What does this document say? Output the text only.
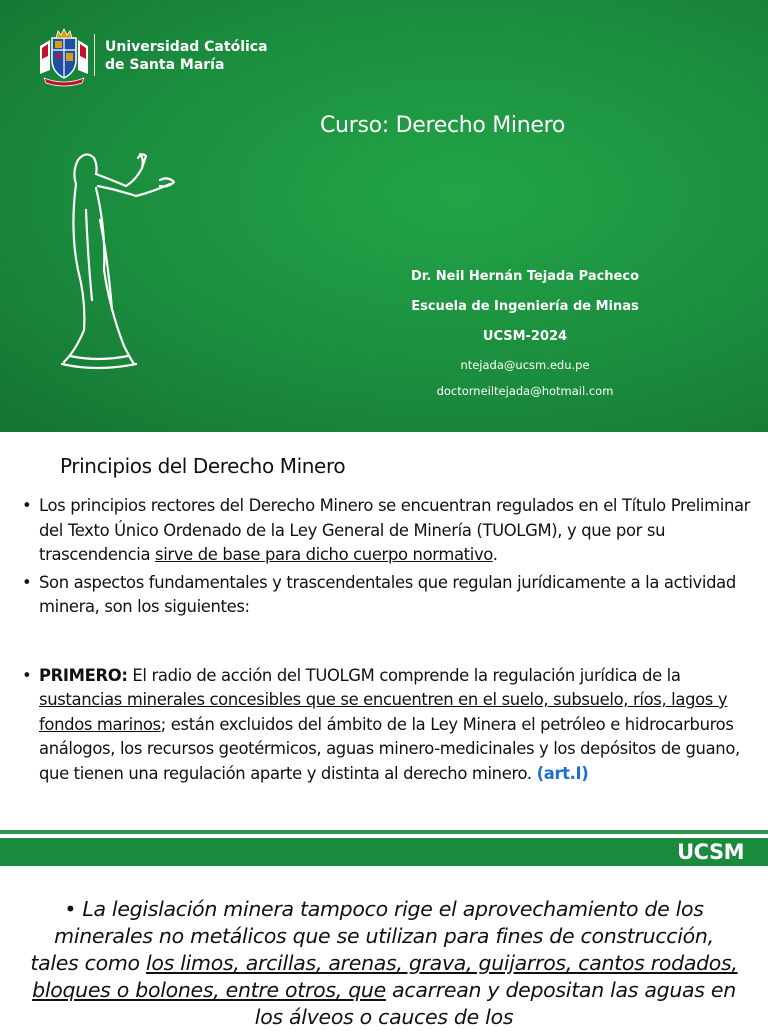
Universidad Católica
de Santa María
Curso: Derecho Minero
Dr. Neil Hernán Tejada Pacheco
Escuela de Ingeniería de Minas
UCSM-2024
ntejada@ucsm.edu.pe
doctorneiltejada@hotmail.com
Principios del Derecho Minero
• Los principios rectores del Derecho Minero se encuentran regulados en el Título Preliminar del Texto Único Ordenado de la Ley General de Minería (TUOLGM), y que por su trascendencia sirve de base para dicho cuerpo normativo.
• Son aspectos fundamentales y trascendentales que regulan jurídicamente a la actividad minera, son los siguientes:
• PRIMERO: El radio de acción del TUOLGM comprende la regulación jurídica de la sustancias minerales concesibles que se encuentren en el suelo, subsuelo, ríos, lagos y fondos marinos; están excluidos del ámbito de la Ley Minera el petróleo e hidrocarburos análogos, los recursos geotérmicos, aguas minero-medicinales y los depósitos de guano, que tienen una regulación aparte y distinta al derecho minero. (art.I)
UCSM
• La legislación minera tampoco rige el aprovechamiento de los minerales no metálicos que se utilizan para fines de construcción, tales como los limos, arcillas, arenas, grava, guijarros, cantos rodados, bloques o bolones, entre otros, que acarrean y depositan las aguas en los álveos o cauces de los
